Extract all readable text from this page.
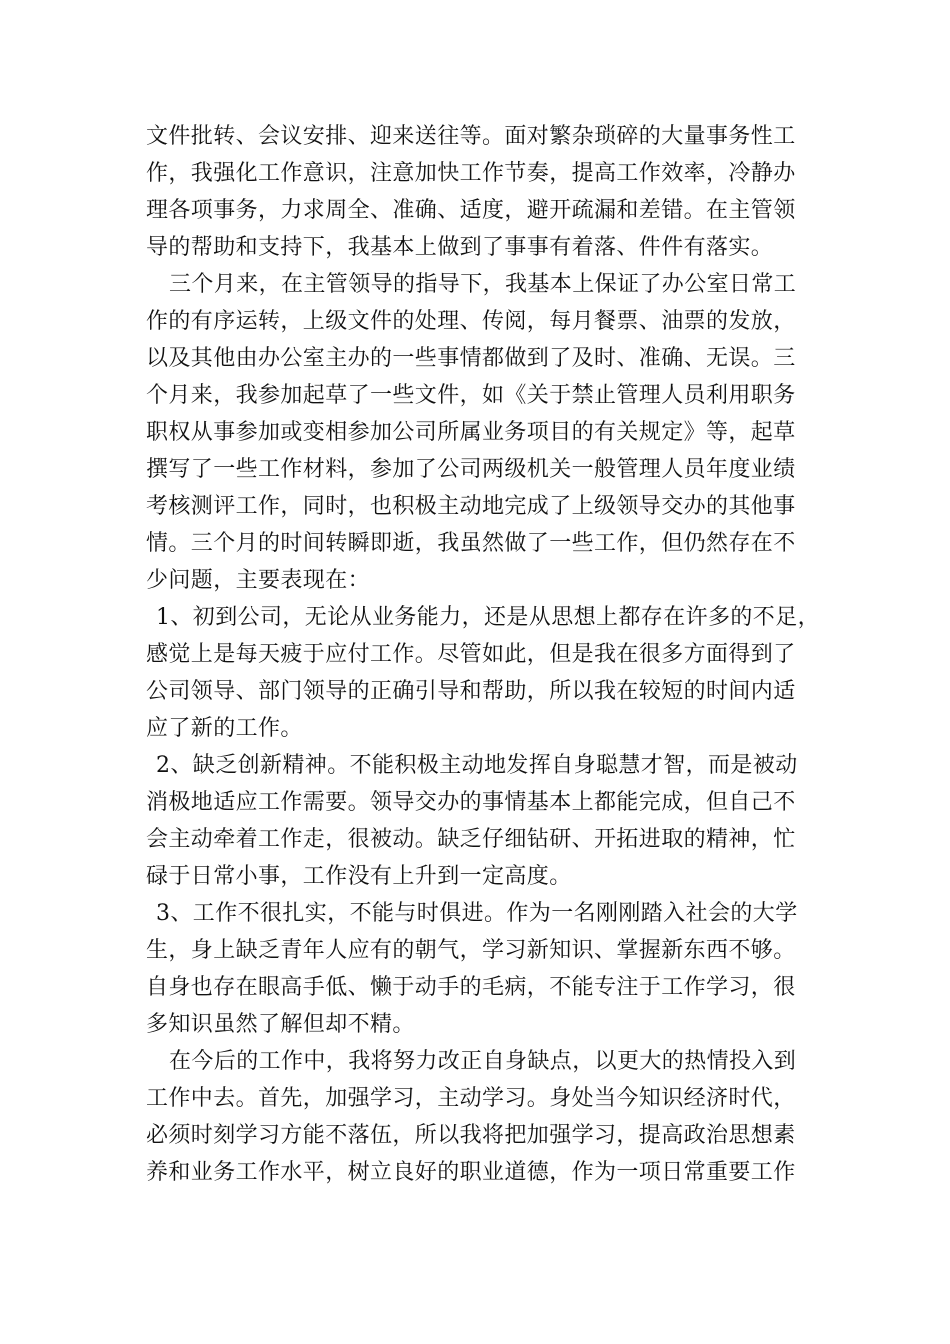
文件批转、会议安排、迎来送往等。面对繁杂琐碎的大量事务性工
作，我强化工作意识，注意加快工作节奏，提高工作效率，冷静办
理各项事务，力求周全、准确、适度，避开疏漏和差错。在主管领
导的帮助和支持下，我基本上做到了事事有着落、件件有落实。
三个月来，在主管领导的指导下，我基本上保证了办公室日常工
作的有序运转，上级文件的处理、传阅，每月餐票、油票的发放，
以及其他由办公室主办的一些事情都做到了及时、准确、无误。三
个月来，我参加起草了一些文件，如《关于禁止管理人员利用职务
职权从事参加或变相参加公司所属业务项目的有关规定》等，起草
撰写了一些工作材料，参加了公司两级机关一般管理人员年度业绩
考核测评工作，同时，也积极主动地完成了上级领导交办的其他事
情。三个月的时间转瞬即逝，我虽然做了一些工作，但仍然存在不
少问题，主要表现在：
1、初到公司，无论从业务能力，还是从思想上都存在许多的不足，
感觉上是每天疲于应付工作。尽管如此，但是我在很多方面得到了
公司领导、部门领导的正确引导和帮助，所以我在较短的时间内适
应了新的工作。
2、缺乏创新精神。不能积极主动地发挥自身聪慧才智，而是被动
消极地适应工作需要。领导交办的事情基本上都能完成，但自己不
会主动牵着工作走，很被动。缺乏仔细钻研、开拓进取的精神，忙
碌于日常小事，工作没有上升到一定高度。
3、工作不很扎实，不能与时俱进。作为一名刚刚踏入社会的大学
生，身上缺乏青年人应有的朝气，学习新知识、掌握新东西不够。
自身也存在眼高手低、懒于动手的毛病，不能专注于工作学习，很
多知识虽然了解但却不精。
在今后的工作中，我将努力改正自身缺点，以更大的热情投入到
工作中去。首先，加强学习，主动学习。身处当今知识经济时代，
必须时刻学习方能不落伍，所以我将把加强学习，提高政治思想素
养和业务工作水平，树立良好的职业道德，作为一项日常重要工作
